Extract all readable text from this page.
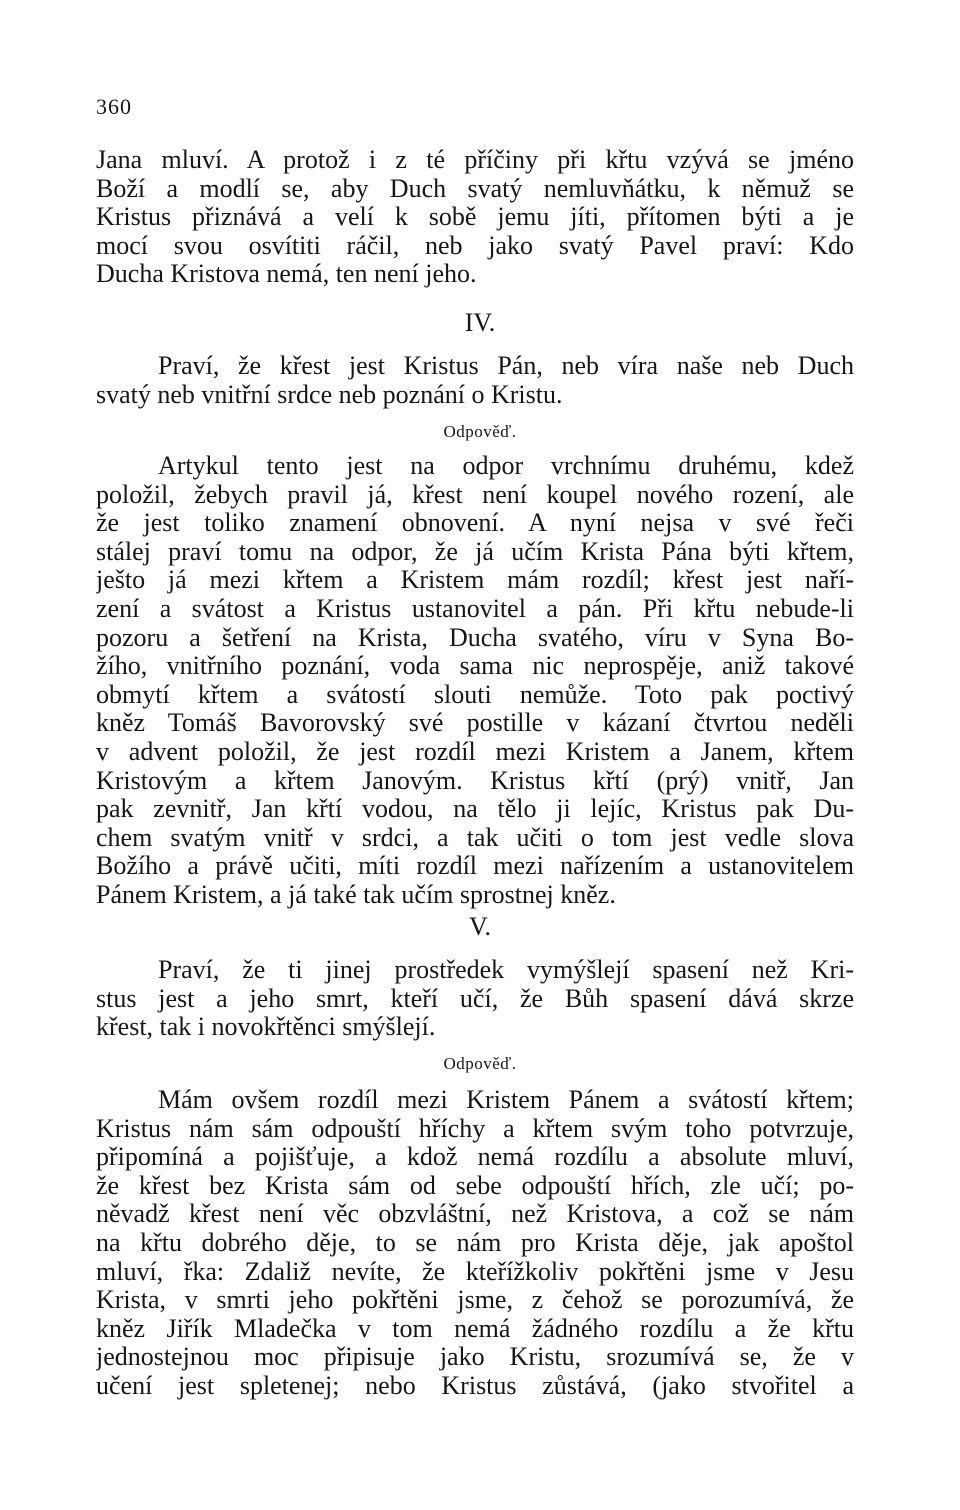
360
Jana mluví. A protož i z té příčiny při křtu vzývá se jméno
Boží a modlí se, aby Duch svatý nemluvňátku, k němuž se
Kristus přiznává a velí k sobě jemu jíti, přítomen býti a je
mocí svou osvítiti ráčil, neb jako svatý Pavel praví: Kdo
Ducha Kristova nemá, ten není jeho.
IV.
Praví, že křest jest Kristus Pán, neb víra naše neb Duch
svatý neb vnitřní srdce neb poznání o Kristu.
Odpověď.
Artykul tento jest na odpor vrchnímu druhému, kdež
položil, žebych pravil já, křest není koupel nového rození, ale
že jest toliko znamení obnovení. A nyní nejsa v své řeči
stálej praví tomu na odpor, že já učím Krista Pána býti křtem,
ješto já mezi křtem a Kristem mám rozdíl; křest jest naří-
zení a svátost a Kristus ustanovitel a pán. Při křtu nebude-li
pozoru a šetření na Krista, Ducha svatého, víru v Syna Bo-
žího, vnitřního poznání, voda sama nic neprospěje, aniž takové
obmytí křtem a svátostí slouti nemůže. Toto pak poctivý
kněz Tomáš Bavorovský své postille v kázaní čtvrtou neděli
v advent položil, že jest rozdíl mezi Kristem a Janem, křtem
Kristovým a křtem Janovým. Kristus křtí (prý) vnitř, Jan
pak zevnitř, Jan křtí vodou, na tělo ji lejíc, Kristus pak Du-
chem svatým vnitř v srdci, a tak učiti o tom jest vedle slova
Božího a právě učiti, míti rozdíl mezi nařízením a ustanovitelem
Pánem Kristem, a já také tak učím sprostnej kněz.
V.
Praví, že ti jinej prostředek vymýšlejí spasení než Kri-
stus jest a jeho smrt, kteří učí, že Bůh spasení dává skrze
křest, tak i novokřtěnci smýšlejí.
Odpověď.
Mám ovšem rozdíl mezi Kristem Pánem a svátostí křtem;
Kristus nám sám odpouští hříchy a křtem svým toho potvrzuje,
připomíná a pojišťuje, a kdož nemá rozdílu a absolute mluví,
že křest bez Krista sám od sebe odpouští hřích, zle učí; po-
něvadž křest není věc obzvláštní, než Kristova, a což se nám
na křtu dobrého děje, to se nám pro Krista děje, jak apoštol
mluví, řka: Zdaliž nevíte, že kteřížkoliv pokřtěni jsme v Jesu
Krista, v smrti jeho pokřtěni jsme, z čehož se porozumívá, že
kněz Jiřík Mladečka v tom nemá žádného rozdílu a že křtu
jednostejnou moc připisuje jako Kristu, srozumívá se, že v
učení jest spletenej; nebo Kristus zůstává, (jako stvořitel a
